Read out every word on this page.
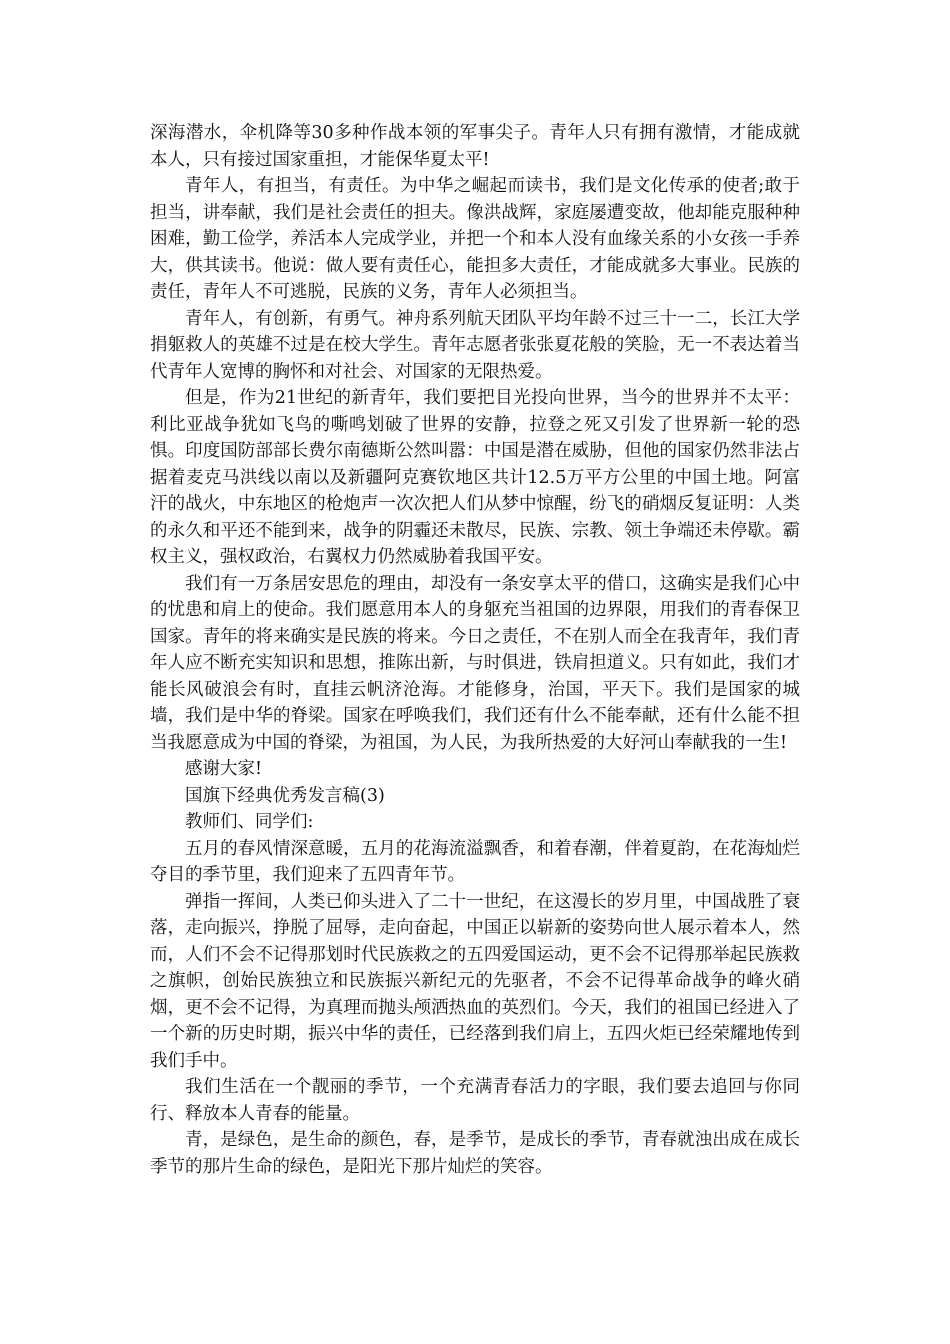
深海潜水，伞机降等30多种作战本领的军事尖子。青年人只有拥有激情，才能成就本人，只有接过国家重担，才能保华夏太平!

青年人，有担当，有责任。为中华之崛起而读书，我们是文化传承的使者;敢于担当，讲奉献，我们是社会责任的担夫。像洪战辉，家庭屡遭变故，他却能克服种种困难，勤工俭学，养活本人完成学业，并把一个和本人没有血缘关系的小女孩一手养大，供其读书。他说：做人要有责任心，能担多大责任，才能成就多大事业。民族的责任，青年人不可逃脱，民族的义务，青年人必须担当。

青年人，有创新，有勇气。神舟系列航天团队平均年龄不过三十一二，长江大学捐躯救人的英雄不过是在校大学生。青年志愿者张张夏花般的笑脸，无一不表达着当代青年人宽博的胸怀和对社会、对国家的无限热爱。

但是，作为21世纪的新青年，我们要把目光投向世界，当今的世界并不太平：利比亚战争犹如飞鸟的嘶鸣划破了世界的安静，拉登之死又引发了世界新一轮的恐惧。印度国防部部长费尔南德斯公然叫嚣：中国是潜在威胁，但他的国家仍然非法占据着麦克马洪线以南以及新疆阿克赛钦地区共计12.5万平方公里的中国土地。阿富汗的战火，中东地区的枪炮声一次次把人们从梦中惊醒，纷飞的硝烟反复证明：人类的永久和平还不能到来，战争的阴霾还未散尽，民族、宗教、领土争端还未停歇。霸权主义，强权政治，右翼权力仍然威胁着我国平安。

我们有一万条居安思危的理由，却没有一条安享太平的借口，这确实是我们心中的忧患和肩上的使命。我们愿意用本人的身躯充当祖国的边界限，用我们的青春保卫国家。青年的将来确实是民族的将来。今日之责任，不在别人而全在我青年，我们青年人应不断充实知识和思想，推陈出新，与时俱进，铁肩担道义。只有如此，我们才能长风破浪会有时，直挂云帆济沧海。才能修身，治国，平天下。我们是国家的城墙，我们是中华的脊梁。国家在呼唤我们，我们还有什么不能奉献，还有什么能不担当我愿意成为中国的脊梁，为祖国，为人民，为我所热爱的大好河山奉献我的一生!

感谢大家!

国旗下经典优秀发言稿(3)

教师们、同学们:

五月的春风情深意暖，五月的花海流溢飘香，和着春潮，伴着夏韵，在花海灿烂夺目的季节里，我们迎来了五四青年节。

弹指一挥间，人类已仰头进入了二十一世纪，在这漫长的岁月里，中国战胜了衰落，走向振兴，挣脱了屈辱，走向奋起，中国正以崭新的姿势向世人展示着本人，然而，人们不会不记得那划时代民族救之的五四爱国运动，更不会不记得那举起民族救之旗帜，创始民族独立和民族振兴新纪元的先驱者，不会不记得革命战争的峰火硝烟，更不会不记得，为真理而抛头颅洒热血的英烈们。今天，我们的祖国已经进入了一个新的历史时期，振兴中华的责任，已经落到我们肩上，五四火炬已经荣耀地传到我们手中。

我们生活在一个靓丽的季节，一个充满青春活力的字眼，我们要去追回与你同行、释放本人青春的能量。

青，是绿色，是生命的颜色，春，是季节，是成长的季节，青春就浊出成在成长季节的那片生命的绿色，是阳光下那片灿烂的笑容。
